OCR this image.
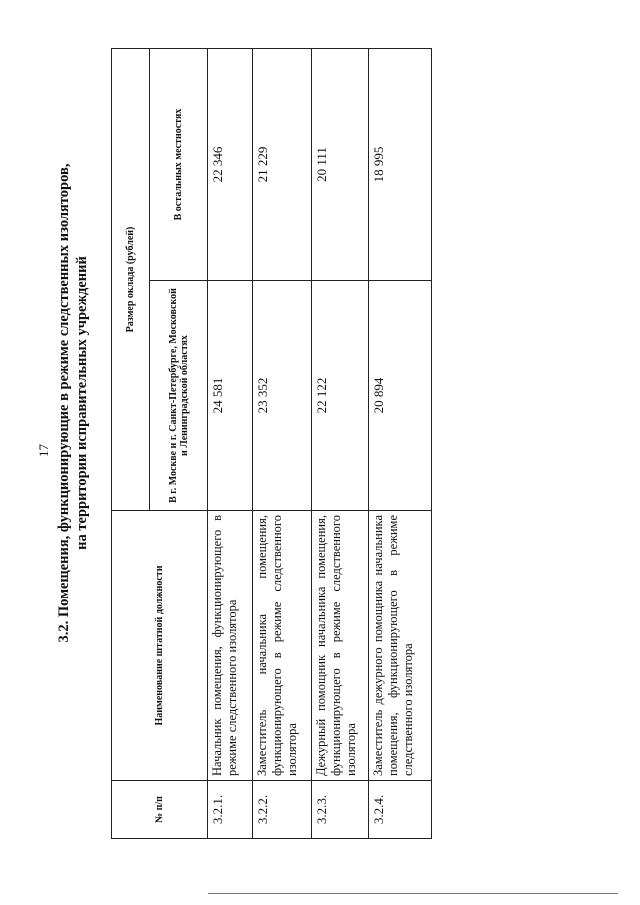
17 3.2. Помещения, функционирующие в режиме следственных изоляторов, на территории исправительных учреждений
№ п/п	Наименование штатной должности	Размер оклада (рублей)	
		В г. Москве и г. Санкт-Петербурге, Московской и Ленинградской областях	В остальных местностях
3.2.1.	Начальник помещения, функционирующего в режиме следственного изолятора	24 581	22 346
3.2.2.	Заместитель начальника помещения, функционирующего в режиме следственного изолятора	23 352	21 229
3.2.3.	Дежурный помощник начальника помещения, функционирующего в режиме следственного изолятора	22 122	20 111
3.2.4.	Заместитель дежурного помощника начальника помещения, функционирующего в режиме следственного изолятора	20 894	18 995
